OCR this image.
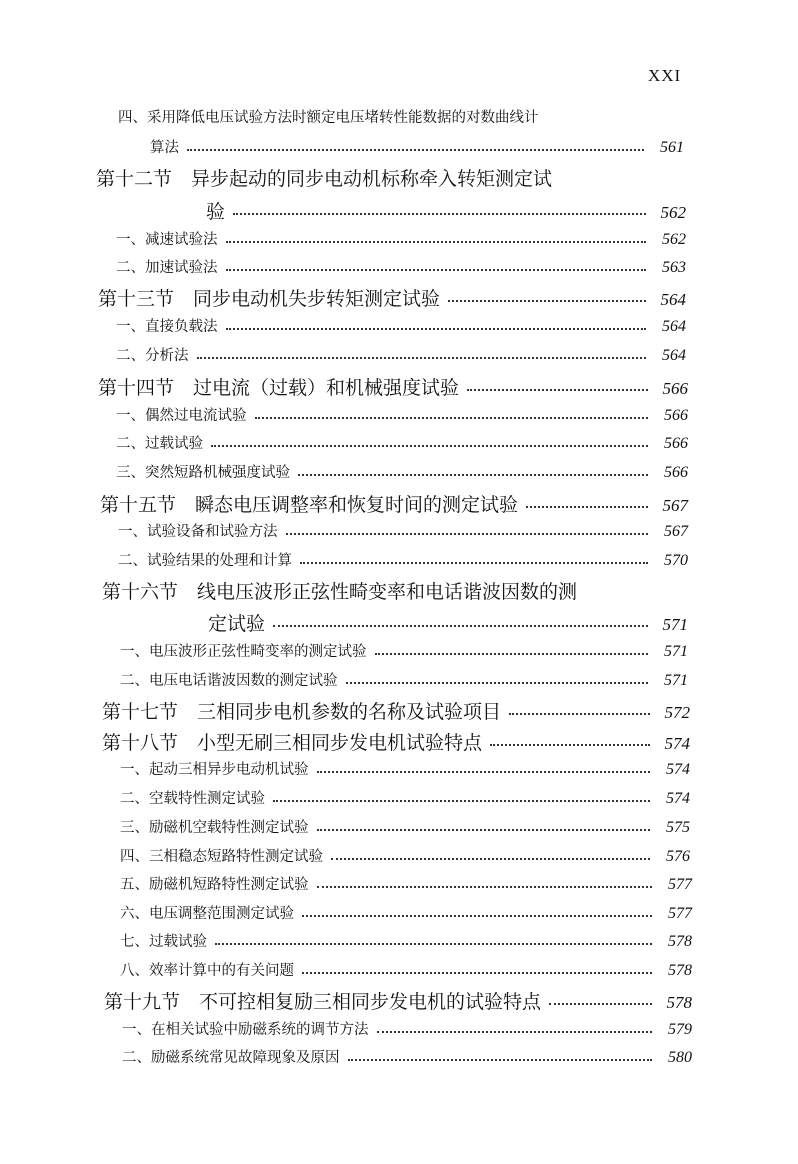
XXI
四、采用降低电压试验方法时额定电压堵转性能数据的对数曲线计
算法	561
第十二节　异步起动的同步电动机标称牵入转矩测定试
验	562
一、减速试验法	562
二、加速试验法	563
第十三节　同步电动机失步转矩测定试验	564
一、直接负载法	564
二、分析法	564
第十四节　过电流（过载）和机械强度试验	566
一、偶然过电流试验	566
二、过载试验	566
三、突然短路机械强度试验	566
第十五节　瞬态电压调整率和恢复时间的测定试验	567
一、试验设备和试验方法	567
二、试验结果的处理和计算	570
第十六节　线电压波形正弦性畸变率和电话谐波因数的测
定试验	571
一、电压波形正弦性畸变率的测定试验	571
二、电压电话谐波因数的测定试验	571
第十七节　三相同步电机参数的名称及试验项目	572
第十八节　小型无刷三相同步发电机试验特点	574
一、起动三相异步电动机试验	574
二、空载特性测定试验	574
三、励磁机空载特性测定试验	575
四、三相稳态短路特性测定试验	576
五、励磁机短路特性测定试验	577
六、电压调整范围测定试验	577
七、过载试验	578
八、效率计算中的有关问题	578
第十九节　不可控相复励三相同步发电机的试验特点	578
一、在相关试验中励磁系统的调节方法	579
二、励磁系统常见故障现象及原因	580
